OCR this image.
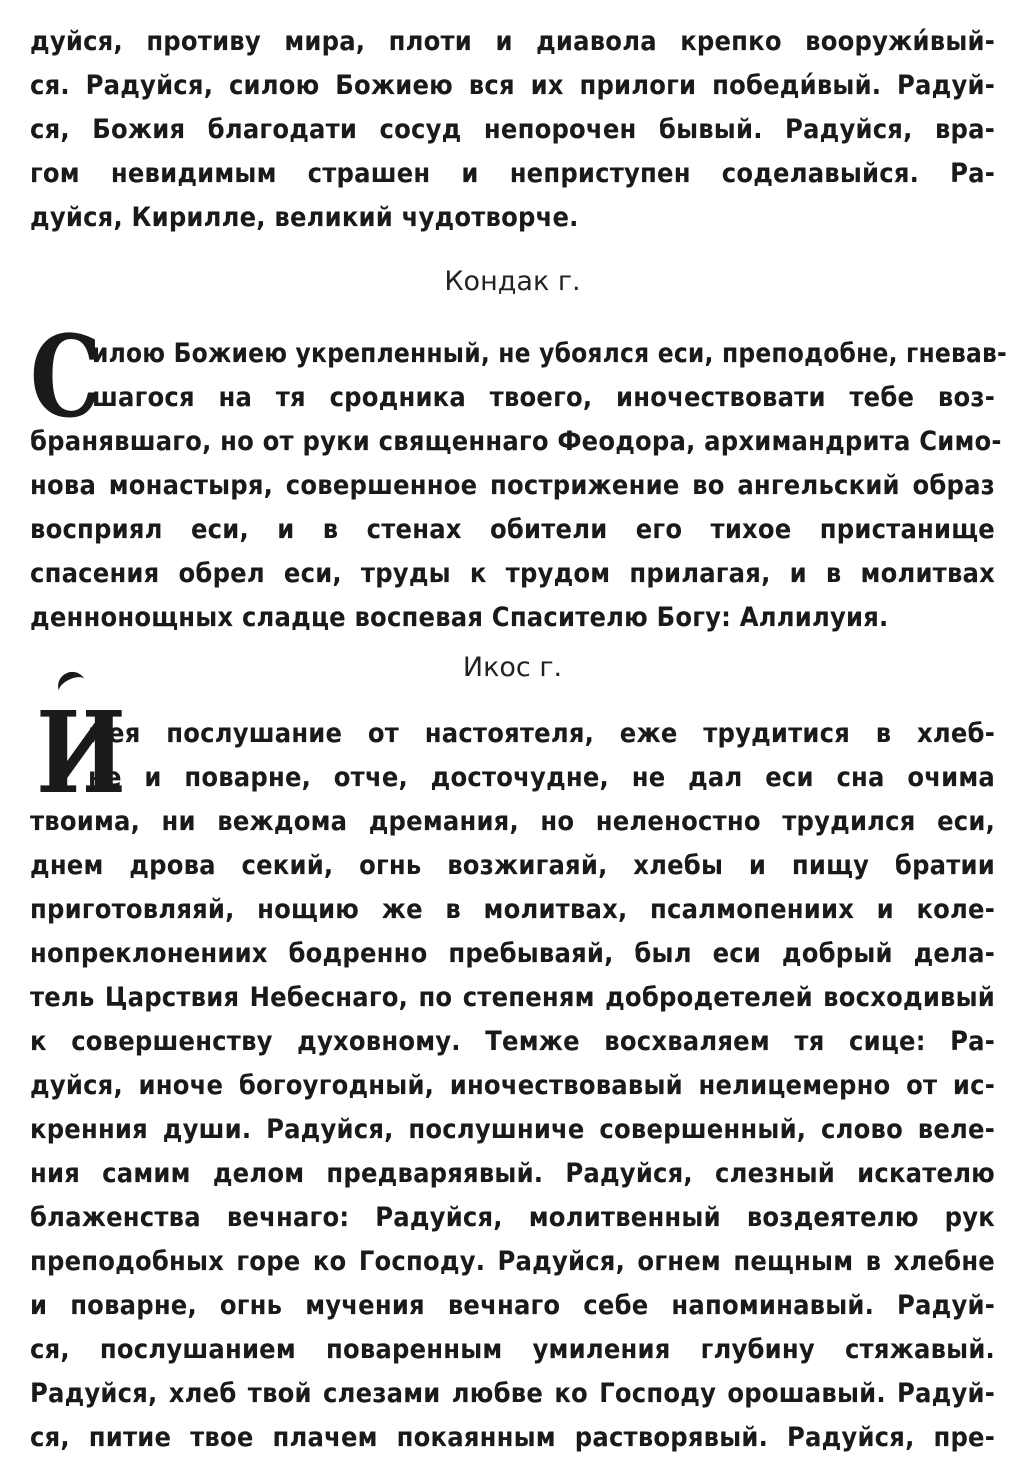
дуйся, противу мира, плоти и диавола крепко вооружи́вый-
ся. Радуйся, силою Божиею вся их прилоги победи́вый. Радуй-
ся, Божия благодати сосуд непорочен бывый. Радуйся, вра-
гом невидимым страшен и неприступен соделавыйся. Ра-
дуйся, Кирилле, великий чудотворче.
Кондак г.
С
илою Божиею укрепленный, не убоялся еси, преподобне, гневав-
шагося на тя сродника твоего, иночествовати тебе воз-
бранявшаго, но от руки священнаго Феодора, архимандрита Симо-
нова монастыря, совершенное пострижение во ангельский образ
восприял еси, и в стенах обители его тихое пристанище
спасения обрел еси, труды к трудом прилагая, и в молитвах
деннонощных сладце воспевая Спасителю Богу: Аллилуия.
Икос г.
И
мея послушание от настоятеля, еже трудитися в хлеб-
не и поварне, отче, досточудне, не дал еси сна очима
твоима, ни веждома дремания, но неленостно трудился еси,
днем дрова секий, огнь возжигаяй, хлебы и пищу братии
приготовляяй, нощию же в молитвах, псалмопениих и коле-
нопреклонениих бодренно пребываяй, был еси добрый дела-
тель Царствия Небеснаго, по степеням добродетелей восходивый
к совершенству духовному. Темже восхваляем тя сице: Ра-
дуйся, иноче богоугодный, иночествовавый нелицемерно от ис-
кренния души. Радуйся, послушниче совершенный, слово веле-
ния самим делом предваряявый. Радуйся, слезный искателю
блаженства вечнаго: Радуйся, молитвенный воздеятелю рук
преподобных горе ко Господу. Радуйся, огнем пещным в хлебне
и поварне, огнь мучения вечнаго себе напоминавый. Радуй-
ся, послушанием поваренным умиления глубину стяжавый.
Радуйся, хлеб твой слезами любве ко Господу орошавый. Радуй-
ся, питие твое плачем покаянным растворявый. Радуйся, пре-
